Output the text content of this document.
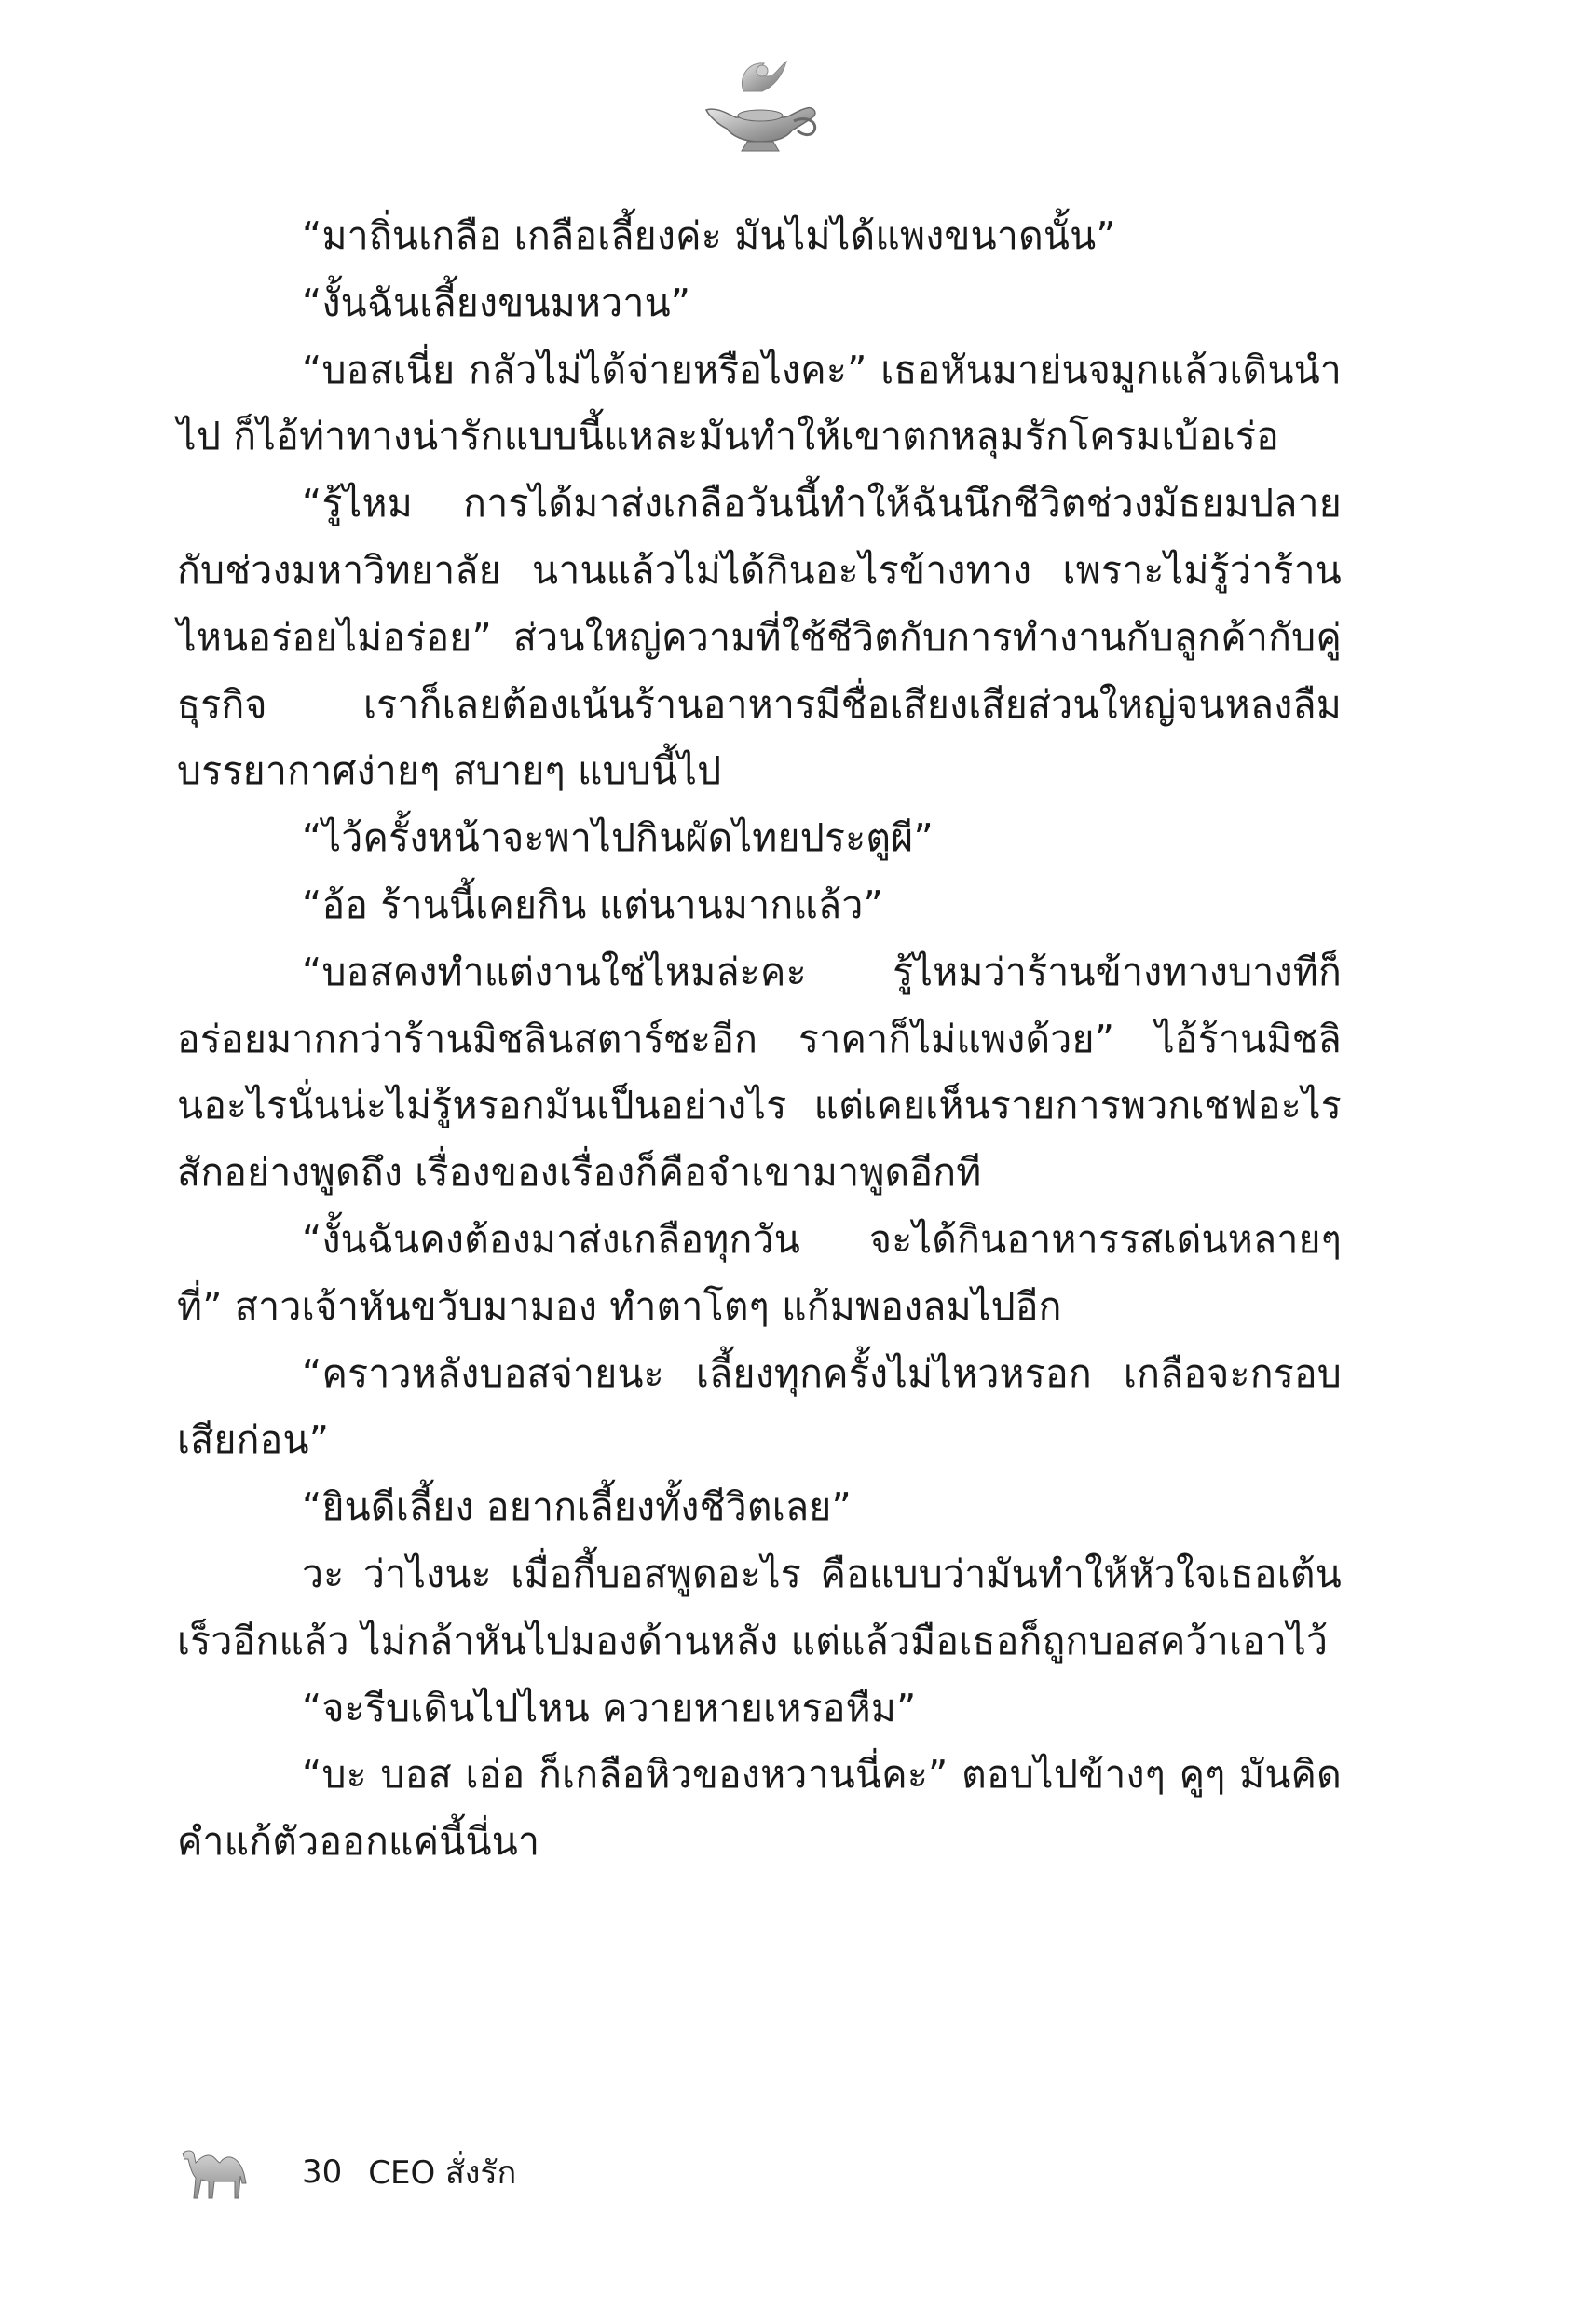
“มาถิ่นเกลือ เกลือเลี้ยงค่ะ มันไม่ได้แพงขนาดนั้น”

“งั้นฉันเลี้ยงขนมหวาน”

“บอสเนี่ย กลัวไม่ได้จ่ายหรือไงคะ” เธอหันมาย่นจมูกแล้วเดินนำไป ก็ไอ้ท่าทางน่ารักแบบนี้แหละมันทำให้เขาตกหลุมรักโครมเบ้อเร่อ

“รู้ไหม การได้มาส่งเกลือวันนี้ทำให้ฉันนึกชีวิตช่วงมัธยมปลายกับช่วงมหาวิทยาลัย นานแล้วไม่ได้กินอะไรข้างทาง เพราะไม่รู้ว่าร้านไหนอร่อยไม่อร่อย” ส่วนใหญ่ความที่ใช้ชีวิตกับการทำงานกับลูกค้ากับคู่ธุรกิจ เราก็เลยต้องเน้นร้านอาหารมีชื่อเสียงเสียส่วนใหญ่จนหลงลืมบรรยากาศง่ายๆ สบายๆ แบบนี้ไป

“ไว้ครั้งหน้าจะพาไปกินผัดไทยประตูผี”

“อ้อ ร้านนี้เคยกิน แต่นานมากแล้ว”

“บอสคงทำแต่งานใช่ไหมล่ะคะ รู้ไหมว่าร้านข้างทางบางทีก็อร่อยมากกว่าร้านมิชลินสตาร์ซะอีก ราคาก็ไม่แพงด้วย” ไอ้ร้านมิชลินอะไรนั่นน่ะไม่รู้หรอกมันเป็นอย่างไร แต่เคยเห็นรายการพวกเชฟอะไรสักอย่างพูดถึง เรื่องของเรื่องก็คือจำเขามาพูดอีกที

“งั้นฉันคงต้องมาส่งเกลือทุกวัน จะได้กินอาหารรสเด่นหลายๆ ที่” สาวเจ้าหันขวับมามอง ทำตาโตๆ แก้มพองลมไปอีก

“คราวหลังบอสจ่ายนะ เลี้ยงทุกครั้งไม่ไหวหรอก เกลือจะกรอบเสียก่อน”

“ยินดีเลี้ยง อยากเลี้ยงทั้งชีวิตเลย”

วะ ว่าไงนะ เมื่อกี้บอสพูดอะไร คือแบบว่ามันทำให้หัวใจเธอเต้นเร็วอีกแล้ว ไม่กล้าหันไปมองด้านหลัง แต่แล้วมือเธอก็ถูกบอสคว้าเอาไว้

“จะรีบเดินไปไหน ควายหายเหรอหืม”

“บะ บอส เอ่อ ก็เกลือหิวของหวานนี่คะ” ตอบไปข้างๆ คูๆ มันคิดคำแก้ตัวออกแค่นี้นี่นา

30 CEO สั่งรัก
